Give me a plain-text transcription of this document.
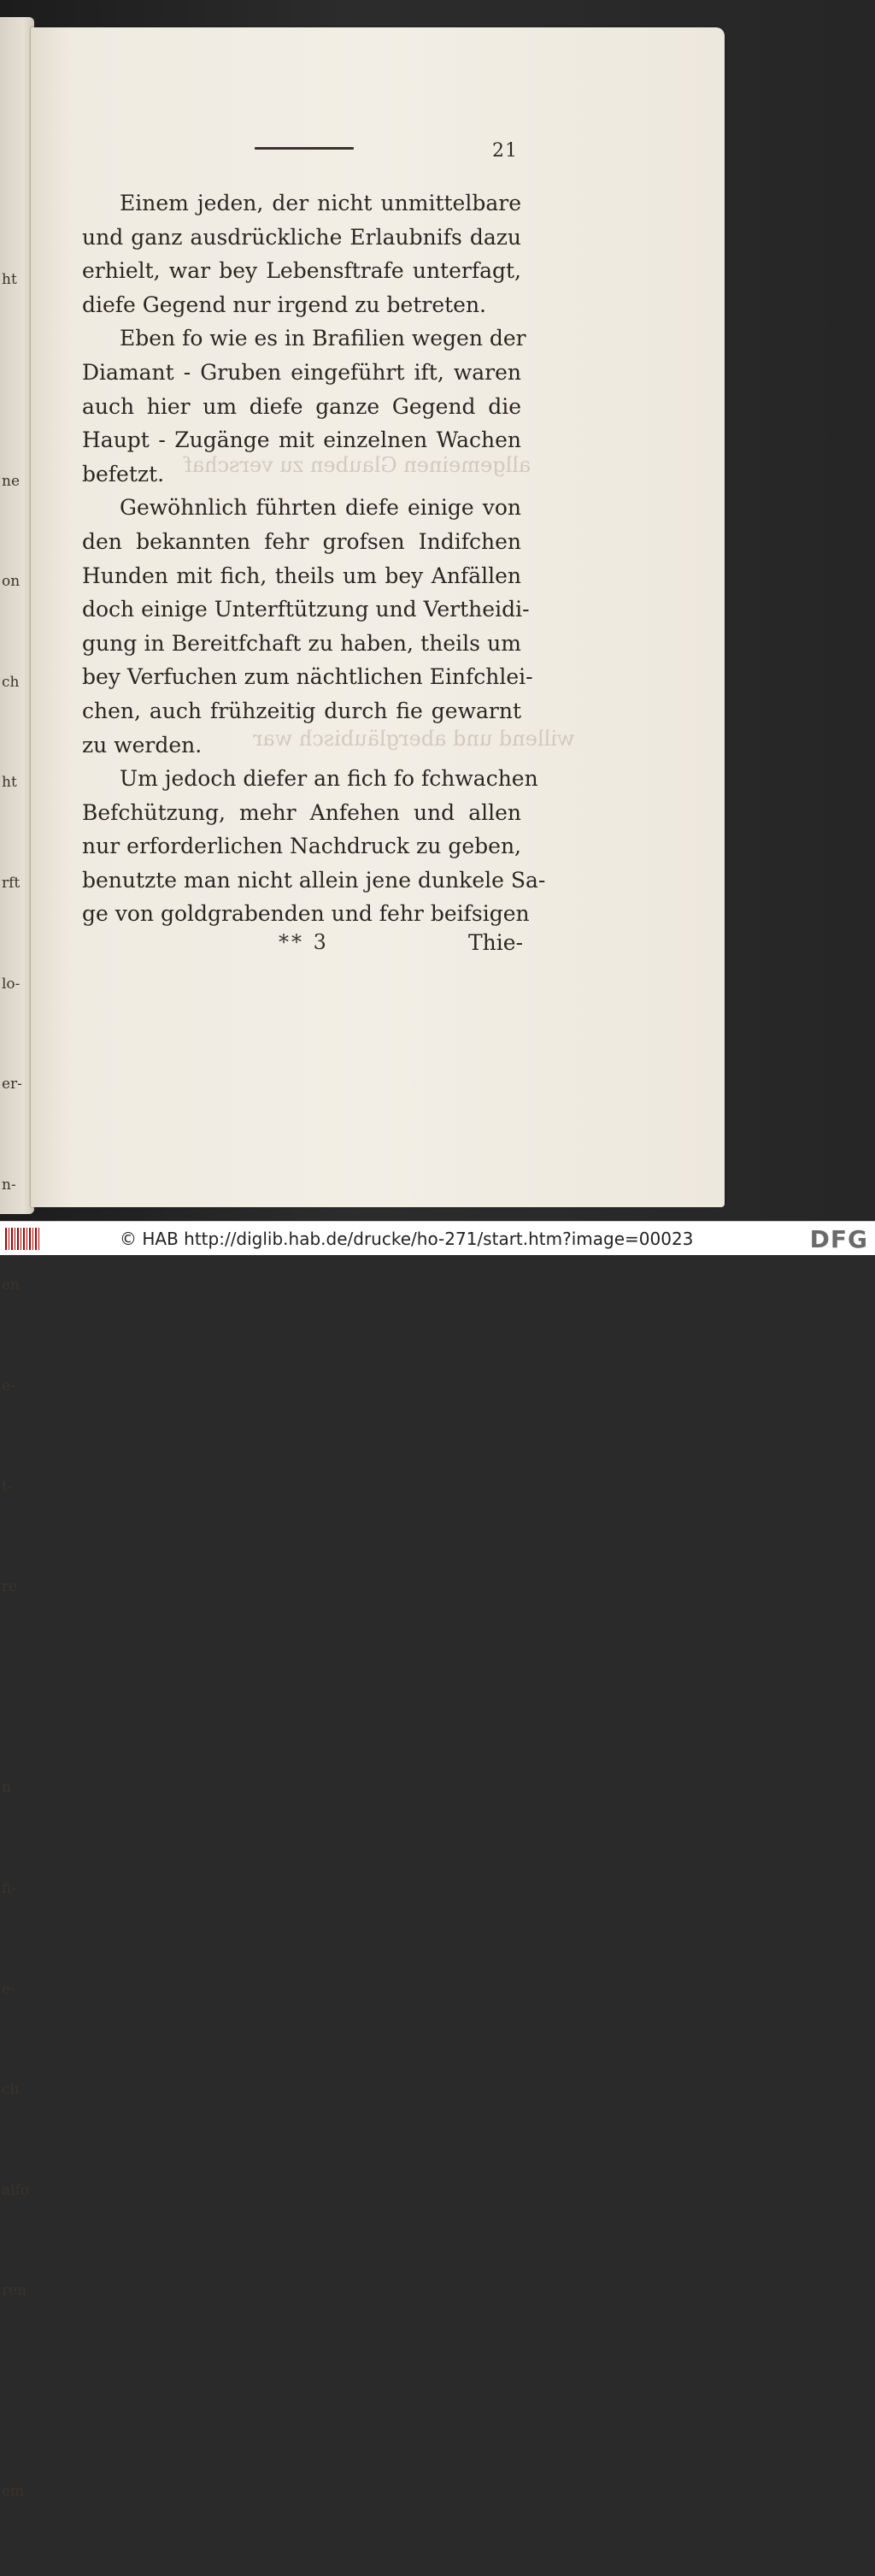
ht

ne

on

ch

ht

rft

lo-

er-

n-

en

e-

t-

re

n

fi-

e-

ch

alfo

ren

em

21
allgemeinen Glauben zu verschaf
willend und abergläubisch war
Einem jeden, der nicht unmittelbare
und ganz ausdrückliche Erlaubnifs dazu
erhielt, war bey Lebensftrafe unterfagt,
diefe Gegend nur irgend zu betreten.
Eben fo wie es in Brafilien wegen der
Diamant - Gruben eingeführt ift, waren
auch hier um diefe ganze Gegend die
Haupt - Zugänge mit einzelnen Wachen
befetzt.
Gewöhnlich führten diefe einige von
den bekannten fehr grofsen Indifchen
Hunden mit fich, theils um bey Anfällen
doch einige Unterftützung und Vertheidi-
gung in Bereitfchaft zu haben, theils um
bey Verfuchen zum nächtlichen Einfchlei-
chen, auch frühzeitig durch fie gewarnt
zu werden.
Um jedoch diefer an fich fo fchwachen
Befchützung, mehr Anfehen und allen
nur erforderlichen Nachdruck zu geben,
benutzte man nicht allein jene dunkele Sa-
ge von goldgrabenden und fehr beifsigen
** 3	Thie-
© HAB http://diglib.hab.de/drucke/ho-271/start.htm?image=00023	DFG
